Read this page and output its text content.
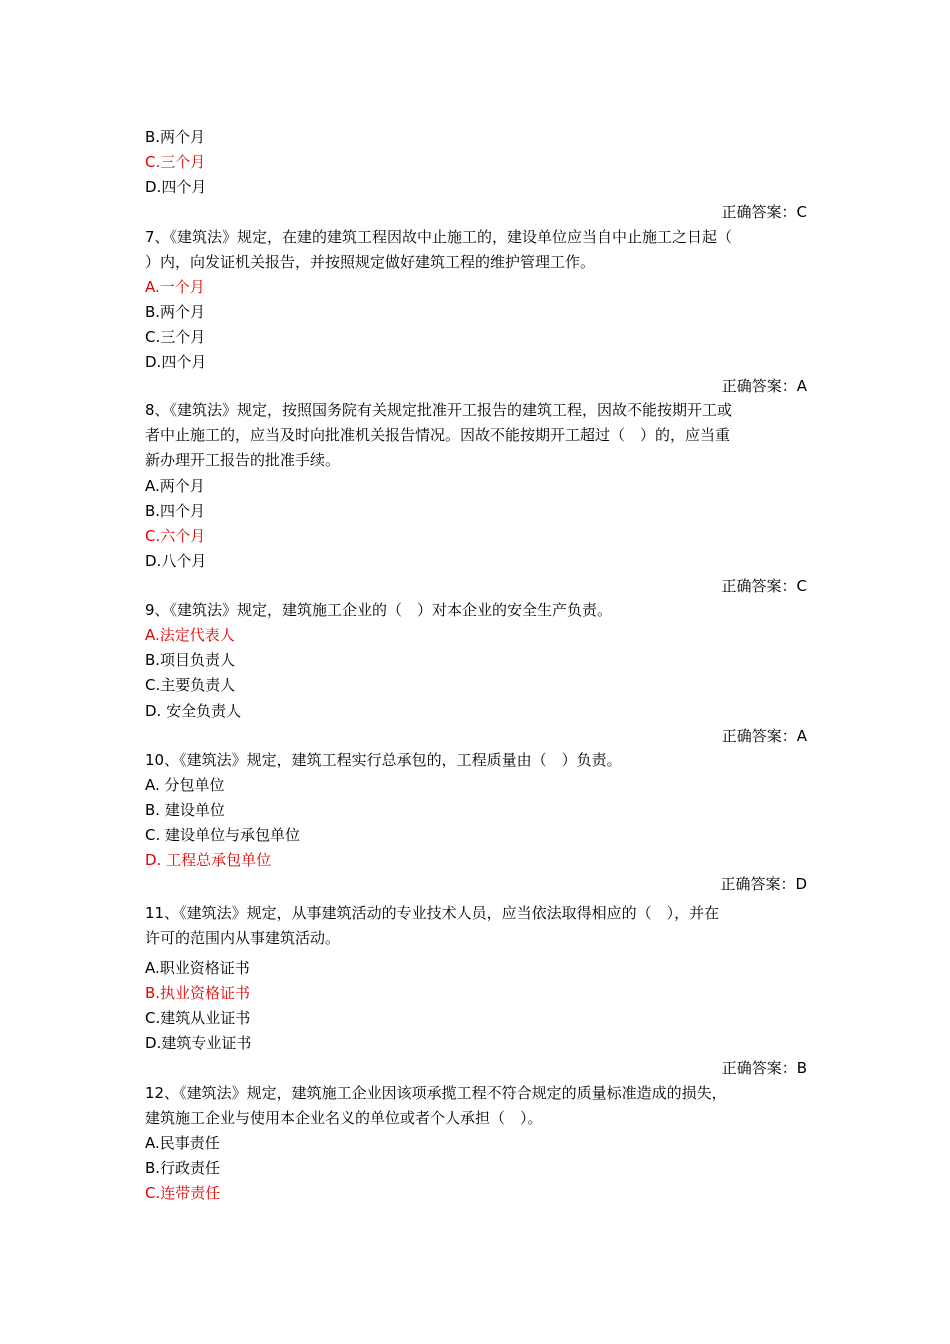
B.两个月
C.三个月
D.四个月
正确答案：C
7、《建筑法》规定，在建的建筑工程因故中止施工的，建设单位应当自中止施工之日起（
）内，向发证机关报告，并按照规定做好建筑工程的维护管理工作。
A.一个月
B.两个月
C.三个月
D.四个月
正确答案：A
8、《建筑法》规定，按照国务院有关规定批准开工报告的建筑工程，因故不能按期开工或
者中止施工的，应当及时向批准机关报告情况。因故不能按期开工超过（　）的，应当重
新办理开工报告的批准手续。
A.两个月
B.四个月
C.六个月
D.八个月
正确答案：C
9、《建筑法》规定，建筑施工企业的（　）对本企业的安全生产负责。
A.法定代表人
B.项目负责人
C.主要负责人
D. 安全负责人
正确答案：A
10、《建筑法》规定，建筑工程实行总承包的，工程质量由（　）负责。
A. 分包单位
B. 建设单位
C. 建设单位与承包单位
D. 工程总承包单位
正确答案：D
11、《建筑法》规定，从事建筑活动的专业技术人员，应当依法取得相应的（　），并在
许可的范围内从事建筑活动。
A.职业资格证书
B.执业资格证书
C.建筑从业证书
D.建筑专业证书
正确答案：B
12、《建筑法》规定，建筑施工企业因该项承揽工程不符合规定的质量标准造成的损失，
建筑施工企业与使用本企业名义的单位或者个人承担（　）。
A.民事责任
B.行政责任
C.连带责任
